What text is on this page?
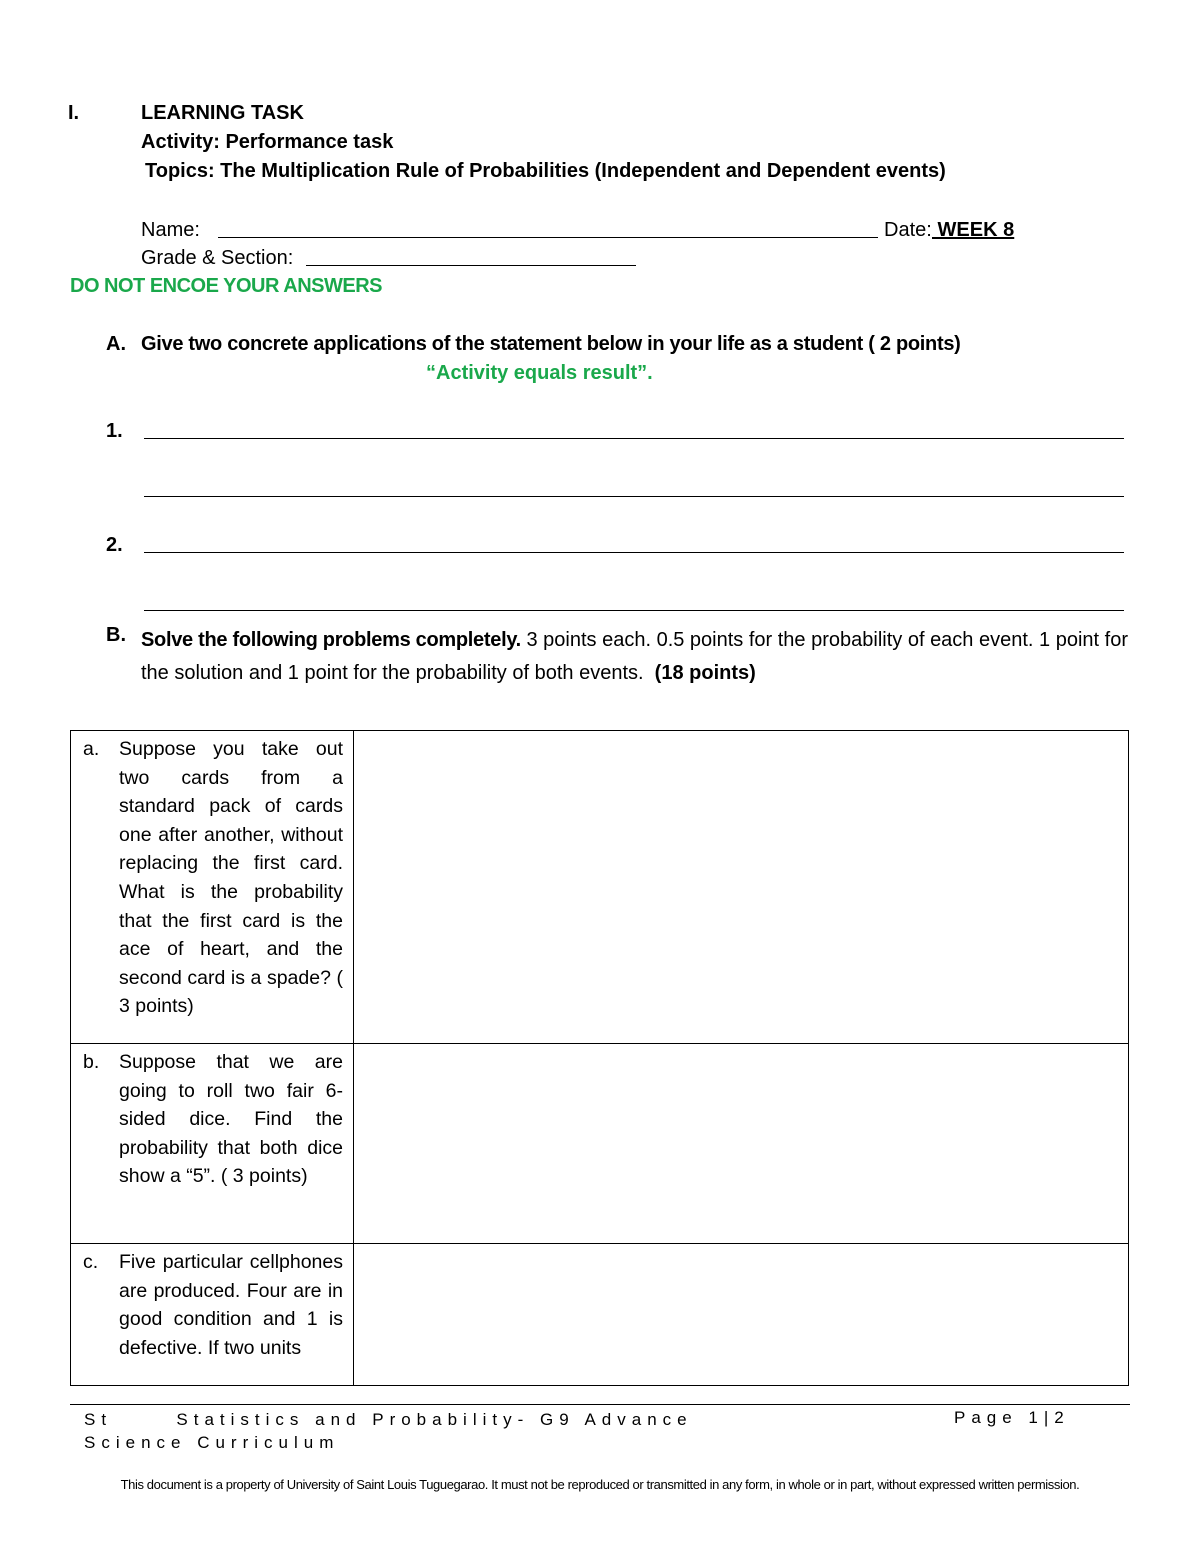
I.	LEARNING TASK
Activity: Performance task
Topics: The Multiplication Rule of Probabilities (Independent and Dependent events)
Name:	Date: WEEK 8
Grade & Section:
DO NOT ENCOE YOUR ANSWERS
A. Give two concrete applications of the statement below in your life as a student ( 2 points)
“Activity equals result”.
1.
2.
B. Solve the following problems completely. 3 points each. 0.5 points for the probability of each event. 1 point for the solution and 1 point for the probability of both events.  (18 points)
a. Suppose you take out two cards from a standard pack of cards one after another, without replacing the first card. What is the probability that the first card is the ace of heart, and the second card is a spade? ( 3 points)	

b. Suppose that we are going to roll two fair 6-sided dice. Find the probability that both dice show a “5”. ( 3 points)	

c. Five particular cellphones are produced. Four are in good condition and 1 is defective. If two units	

St      Statistics and Probability- G9 Advance Science Curriculum
Page 1|2
This document is a property of University of Saint Louis Tuguegarao. It must not be reproduced or transmitted in any form, in whole or in part, without expressed written permission.
